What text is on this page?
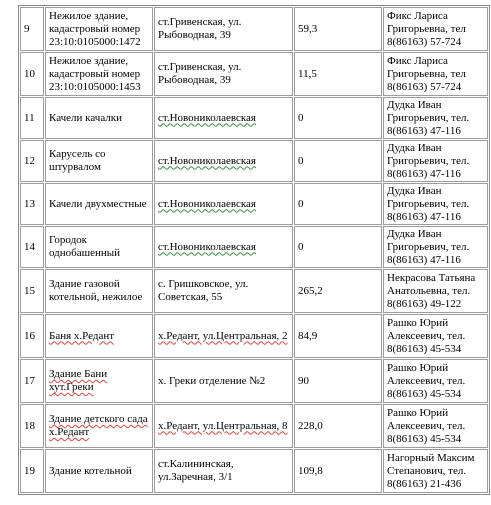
9	Нежилое здание, кадастровый номер 23:10:0105000:1472	ст.Гривенская, ул. Рыбоводная, 39	59,3	Фикс Лариса Григорьевна, тел 8(86163) 57-724
10	Нежилое здание, кадастровый номер 23:10:0105000:1453	ст.Гривенская, ул. Рыбоводная, 39	11,5	Фикс Лариса Григорьевна, тел 8(86163) 57-724
11	Качели качалки	ст.Новониколаевская	0	Дудка Иван Григорьевич, тел. 8(86163) 47-116
12	Карусель со штурвалом	ст.Новониколаевская	0	Дудка Иван Григорьевич, тел. 8(86163) 47-116
13	Качели двухместные	ст.Новониколаевская	0	Дудка Иван Григорьевич, тел. 8(86163) 47-116
14	Городок однобашенный	ст.Новониколаевская	0	Дудка Иван Григорьевич, тел. 8(86163) 47-116
15	Здание газовой котельной, нежилое	с. Гришковское, ул. Советская, 55	265,2	Некрасова Татьяна Анатольевна, тел. 8(86163) 49-122
16	Баня х.Редант	х.Редант, ул.Центральная, 2	84,9	Рашко Юрий Алексеевич, тел. 8(86163) 45-534
17	Здание Бани хут.Греки	х. Греки отделение №2	90	Рашко Юрий Алексеевич, тел. 8(86163) 45-534
18	Здание детского сада х.Редант	х.Редант, ул.Центральная, 8	228,0	Рашко Юрий Алексеевич, тел. 8(86163) 45-534
19	Здание котельной	ст.Калининская, ул.Заречная, 3/1	109,8	Нагорный Максим Степанович, тел. 8(86163) 21-436
